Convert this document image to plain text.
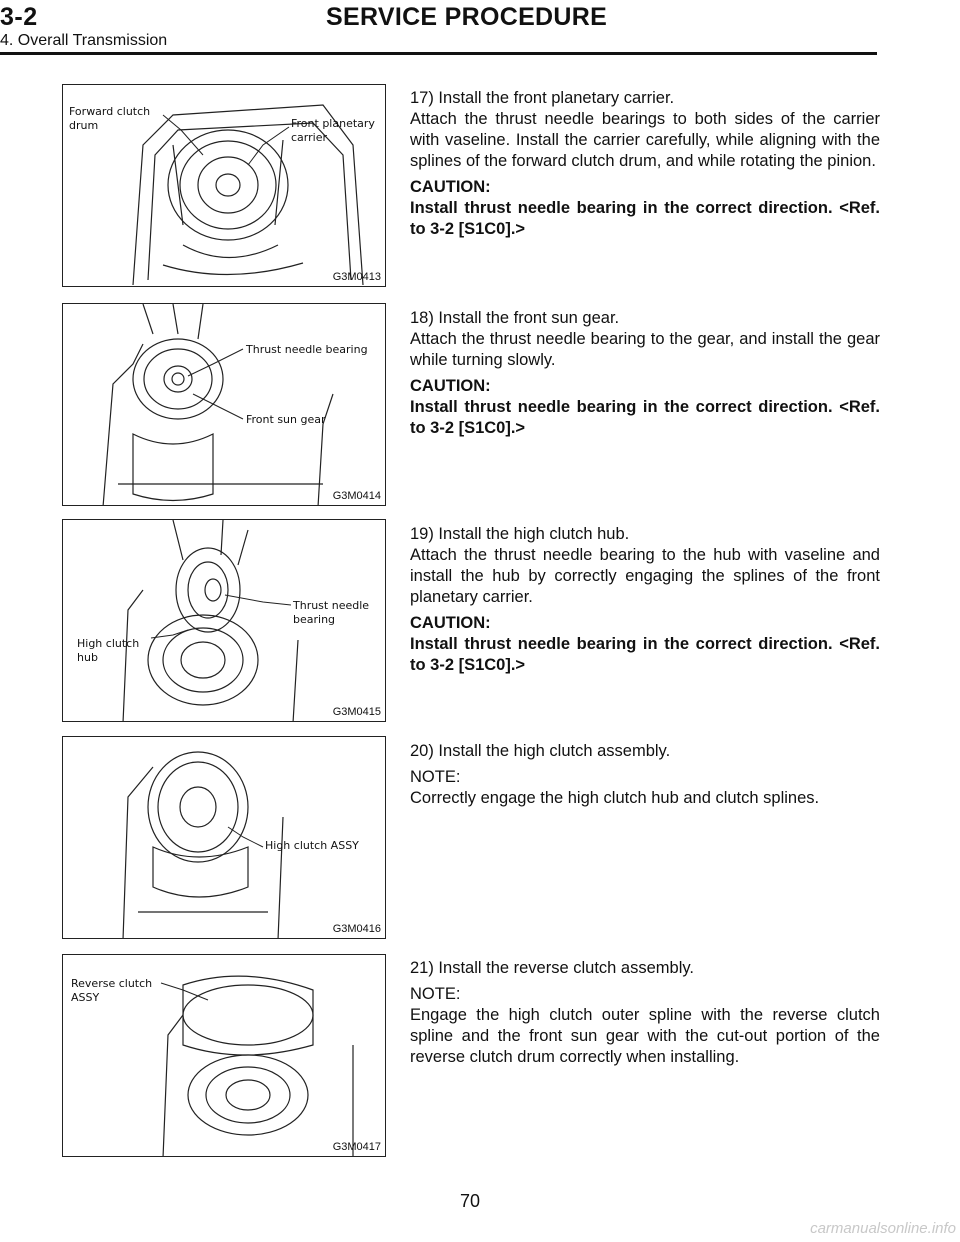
3-2	SERVICE PROCEDURE
4. Overall Transmission
Forward clutch
drum	Front planetary
carrier
G3M0413

17) Install the front planetary carrier.

Attach the thrust needle bearings to both sides of the carrier with vaseline. Install the carrier carefully, while aligning with the splines of the forward clutch drum, and while rotating the pinion.

CAUTION:

Install thrust needle bearing in the correct direction. <Ref. to 3-2 [S1C0].>

Thrust needle bearing
Front sun gear
G3M0414

18) Install the front sun gear.

Attach the thrust needle bearing to the gear, and install the gear while turning slowly.

CAUTION:

Install thrust needle bearing in the correct direction. <Ref. to 3-2 [S1C0].>

Thrust needle
bearing
High clutch
hub
G3M0415

19) Install the high clutch hub.

Attach the thrust needle bearing to the hub with vaseline and install the hub by correctly engaging the splines of the front planetary carrier.

CAUTION:

Install thrust needle bearing in the correct direction. <Ref. to 3-2 [S1C0].>

High clutch ASSY
G3M0416

20) Install the high clutch assembly.

NOTE:

Correctly engage the high clutch hub and clutch splines.

Reverse clutch
ASSY
G3M0417

21) Install the reverse clutch assembly.

NOTE:

Engage the high clutch outer spline with the reverse clutch spline and the front sun gear with the cut-out portion of the reverse clutch drum correctly when installing.

70
carmanualsonline.info
